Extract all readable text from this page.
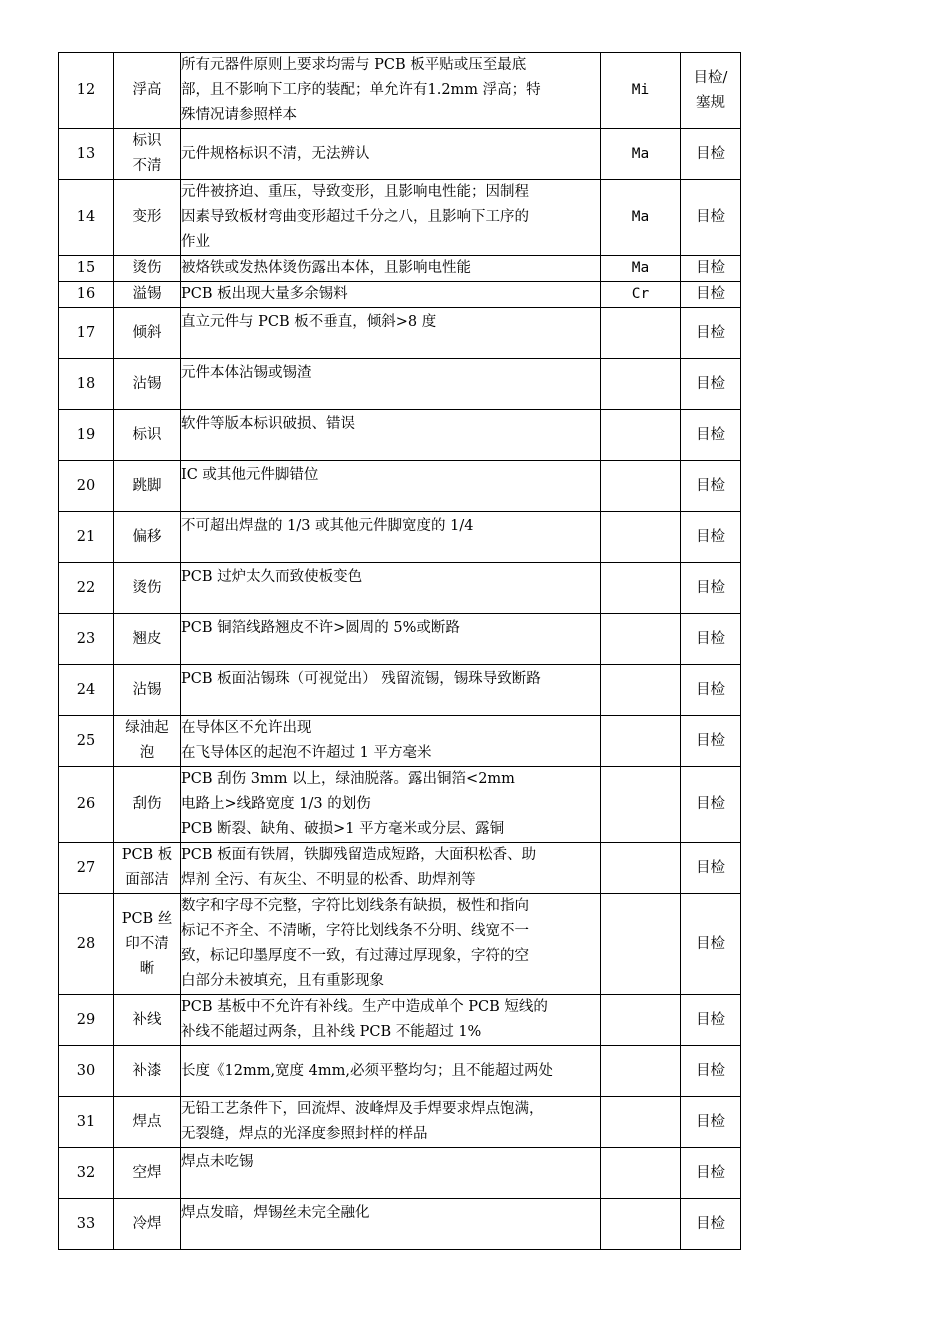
12	浮高	所有元器件原则上要求均需与 PCB 板平贴或压至最底
部，且不影响下工序的装配；单允许有1.2mm 浮高；特
殊情况请参照样本	Mi	目检/
塞规

13	标识
不清	元件规格标识不清，无法辨认	Ma	目检

14	变形	元件被挤迫、重压，导致变形，且影响电性能；因制程
因素导致板材弯曲变形超过千分之八，且影响下工序的
作业	Ma	目检

15	烫伤	被烙铁或发热体烫伤露出本体，且影响电性能	Ma	目检

16	溢锡	PCB 板出现大量多余锡料	Cr	目检

17	倾斜	直立元件与 PCB 板不垂直，倾斜>8 度		目检

18	沾锡	元件本体沾锡或锡渣		目检

19	标识	软件等版本标识破损、错误		目检

20	跳脚	IC 或其他元件脚错位		目检

21	偏移	不可超出焊盘的 1/3 或其他元件脚宽度的 1/4		目检

22	烫伤	PCB 过炉太久而致使板变色		目检

23	翘皮	PCB 铜箔线路翘皮不许>圆周的 5%或断路		目检

24	沾锡	PCB 板面沾锡珠（可视觉出） 残留流锡，锡珠导致断路		目检

25	绿油起
泡	在导体区不允许出现
在飞导体区的起泡不许超过 1 平方毫米		目检

26	刮伤	PCB 刮伤 3mm 以上，绿油脱落。露出铜箔<2mm
电路上>线路宽度 1/3 的划伤
PCB 断裂、缺角、破损>1 平方毫米或分层、露铜		目检

27	PCB 板
面部洁	PCB 板面有铁屑，铁脚残留造成短路，大面积松香、助
焊剂 全污、有灰尘、不明显的松香、助焊剂等		目检

28	PCB 丝
印不清
晰	数字和字母不完整，字符比划线条有缺损，极性和指向
标记不齐全、不清晰，字符比划线条不分明、线宽不一
致，标记印墨厚度不一致，有过薄过厚现象，字符的空
白部分未被填充，且有重影现象		目检

29	补线	PCB 基板中不允许有补线。生产中造成单个 PCB 短线的
补线不能超过两条，且补线 PCB 不能超过 1%		目检

30	补漆	长度《12mm,宽度 4mm,必须平整均匀；且不能超过两处		目检

31	焊点	无铅工艺条件下，回流焊、波峰焊及手焊要求焊点饱满，
无裂缝，焊点的光泽度参照封样的样品		目检

32	空焊	焊点未吃锡		目检

33	冷焊	焊点发暗，焊锡丝未完全融化		目检
